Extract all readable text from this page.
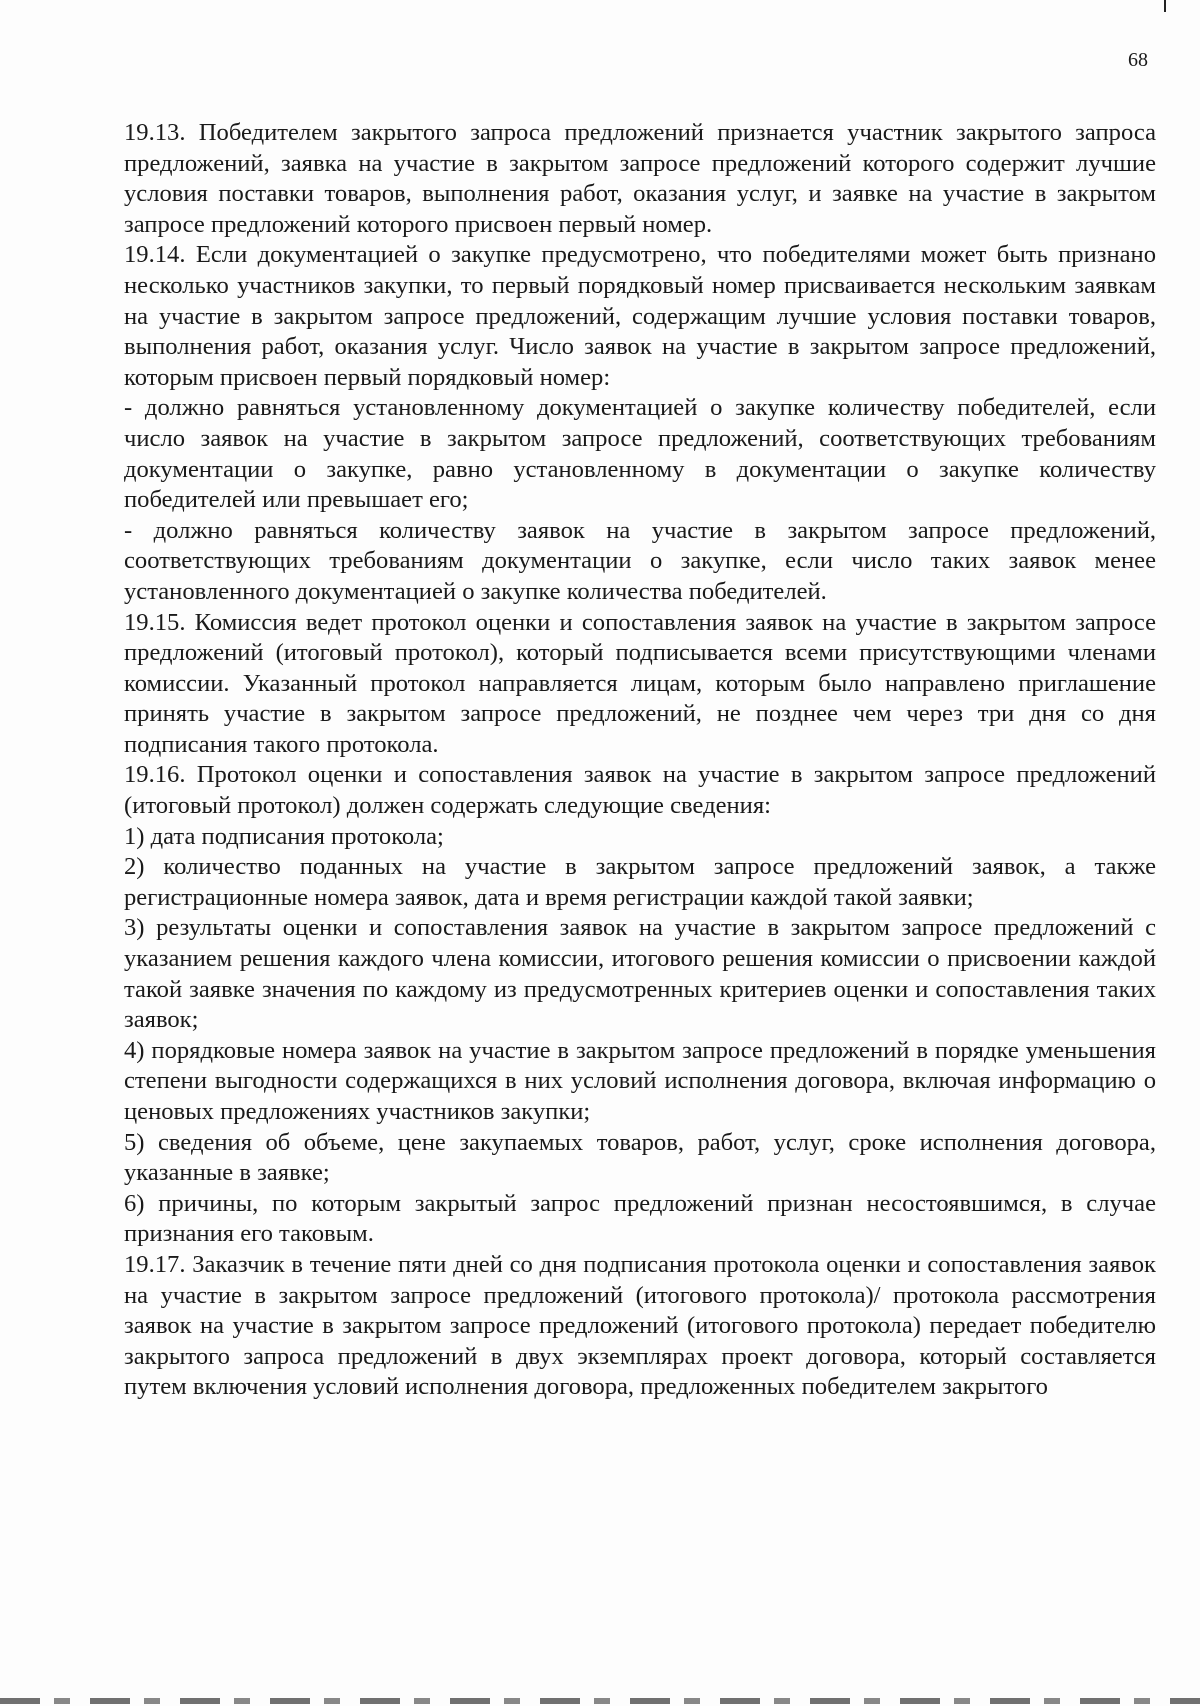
68

19.13. Победителем закрытого запроса предложений признается участник закрытого запроса предложений, заявка на участие в закрытом запросе предложений которого содержит лучшие условия поставки товаров, выполнения работ, оказания услуг, и заявке на участие в закрытом запросе предложений которого присвоен первый номер.

19.14. Если документацией о закупке предусмотрено, что победителями может быть признано несколько участников закупки, то первый порядковый номер присваивается нескольким заявкам на участие в закрытом запросе предложений, содержащим лучшие условия поставки товаров, выполнения работ, оказания услуг. Число заявок на участие в закрытом запросе предложений, которым присвоен первый порядковый номер:

- должно равняться установленному документацией о закупке количеству победителей, если число заявок на участие в закрытом запросе предложений, соответствующих требованиям документации о закупке, равно установленному в документации о закупке количеству победителей или превышает его;

- должно равняться количеству заявок на участие в закрытом запросе предложений, соответствующих требованиям документации о закупке, если число таких заявок менее установленного документацией о закупке количества победителей.

19.15. Комиссия ведет протокол оценки и сопоставления заявок на участие в закрытом запросе предложений (итоговый протокол), который подписывается всеми присутствующими членами комиссии. Указанный протокол направляется лицам, которым было направлено приглашение принять участие в закрытом запросе предложений, не позднее чем через три дня со дня подписания такого протокола.

19.16. Протокол оценки и сопоставления заявок на участие в закрытом запросе предложений (итоговый протокол) должен содержать следующие сведения:

1) дата подписания протокола;

2) количество поданных на участие в закрытом запросе предложений заявок, а также регистрационные номера заявок, дата и время регистрации каждой такой заявки;

3) результаты оценки и сопоставления заявок на участие в закрытом запросе предложений с указанием решения каждого члена комиссии, итогового решения комиссии о присвоении каждой такой заявке значения по каждому из предусмотренных критериев оценки и сопоставления таких заявок;

4) порядковые номера заявок на участие в закрытом запросе предложений в порядке уменьшения степени выгодности содержащихся в них условий исполнения договора, включая информацию о ценовых предложениях участников закупки;

5) сведения об объеме, цене закупаемых товаров, работ, услуг, сроке исполнения договора, указанные в заявке;

6) причины, по которым закрытый запрос предложений признан несостоявшимся, в случае признания его таковым.

19.17. Заказчик в течение пяти дней со дня подписания протокола оценки и сопоставления заявок на участие в закрытом запросе предложений (итогового протокола)/ протокола рассмотрения заявок на участие в закрытом запросе предложений (итогового протокола) передает победителю закрытого запроса предложений в двух экземплярах проект договора, который составляется путем включения условий исполнения договора, предложенных победителем закрытого
